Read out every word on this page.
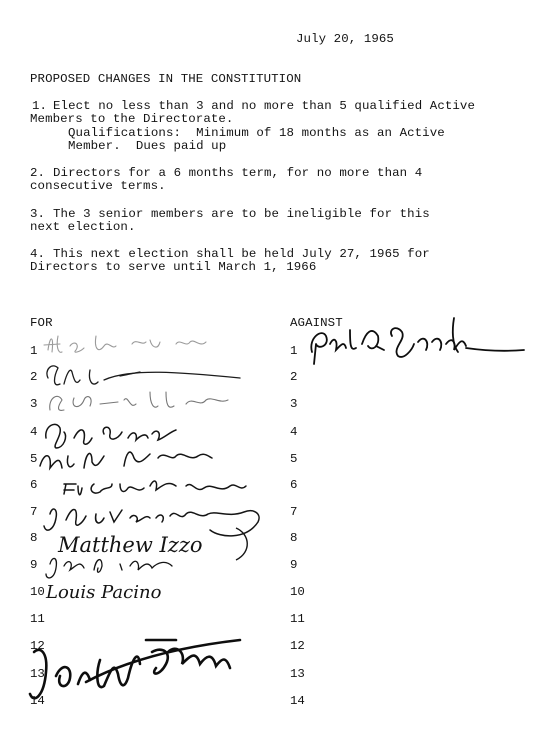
July 20, 1965
PROPOSED CHANGES IN THE CONSTITUTION
1. Elect no less than 3 and no more than 5 qualified Active
Members to the Directorate.
Qualifications:  Minimum of 18 months as an Active
Member.  Dues paid up
2. Directors for a 6 months term, for no more than 4
consecutive terms.
3. The 3 senior members are to be ineligible for this
next election.
4. This next election shall be held July 27, 1965 for
Directors to serve until March 1, 1966
FOR	AGAINST
1
2
3
4
5
6
7
8
9
10
11
12
13
14
1
2
3
4
5
6
7
8
9
10
11
12
13
14
Matthew Izzo
Louis Pacino
